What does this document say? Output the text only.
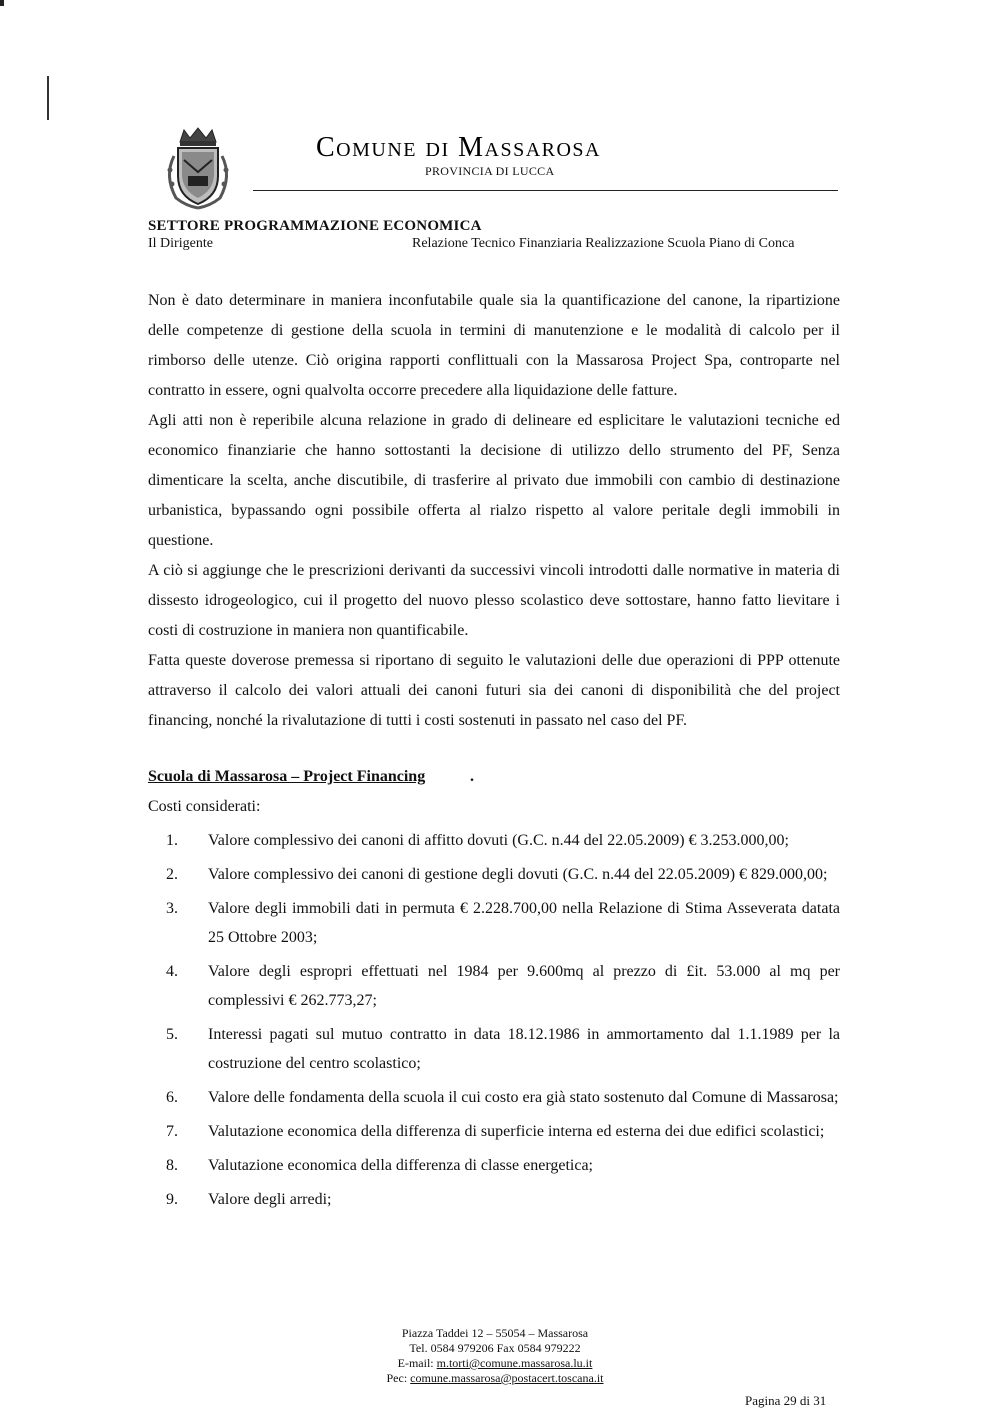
Comune di Massarosa
PROVINCIA DI LUCCA
SETTORE PROGRAMMAZIONE ECONOMICA
Il Dirigente	Relazione Tecnico Finanziaria Realizzazione Scuola Piano di Conca

Non è dato determinare in maniera inconfutabile quale sia la quantificazione del canone, la ripartizione delle competenze di gestione della scuola in termini di manutenzione e le modalità di calcolo per il rimborso delle utenze. Ciò origina rapporti conflittuali con la Massarosa Project Spa, controparte nel contratto in essere, ogni qualvolta occorre precedere alla liquidazione delle fatture.

Agli atti non è reperibile alcuna relazione in grado di delineare ed esplicitare le valutazioni tecniche ed economico finanziarie che hanno sottostanti la decisione di utilizzo dello strumento del PF, Senza dimenticare la scelta, anche discutibile, di trasferire al privato due immobili con cambio di destinazione urbanistica, bypassando ogni possibile offerta al rialzo rispetto al valore peritale degli immobili in questione.

A ciò si aggiunge che le prescrizioni derivanti da successivi vincoli introdotti dalle normative in materia di dissesto idrogeologico, cui il progetto del nuovo plesso scolastico deve sottostare, hanno fatto lievitare i costi di costruzione in maniera non quantificabile.

Fatta queste doverose premessa si riportano di seguito le valutazioni delle due operazioni di PPP ottenute attraverso il calcolo dei valori attuali dei canoni futuri sia dei canoni di disponibilità che del project financing, nonché la rivalutazione di tutti i costi sostenuti in passato nel caso del PF.

Scuola di Massarosa – Project Financing	.
Costi considerati:
1.	Valore complessivo dei canoni di affitto dovuti (G.C. n.44 del 22.05.2009) € 3.253.000,00;
2.	Valore complessivo dei canoni di gestione degli dovuti (G.C. n.44 del 22.05.2009) € 829.000,00;
3.	Valore degli immobili dati in permuta € 2.228.700,00 nella Relazione di Stima Asseverata datata 25 Ottobre 2003;
4.	Valore degli espropri effettuati nel 1984 per 9.600mq al prezzo di £it. 53.000 al mq per complessivi € 262.773,27;
5.	Interessi pagati sul mutuo contratto in data 18.12.1986 in ammortamento dal 1.1.1989 per la costruzione del centro scolastico;
6.	Valore delle fondamenta della scuola il cui costo era già stato sostenuto dal Comune di Massarosa;
7.	Valutazione economica della differenza di superficie interna ed esterna dei due edifici scolastici;
8.	Valutazione economica della differenza di classe energetica;
9.	Valore degli arredi;
Piazza Taddei 12 – 55054 – Massarosa
Tel. 0584 979206 Fax 0584 979222
E-mail: m.torti@comune.massarosa.lu.it
Pec: comune.massarosa@postacert.toscana.it
Pagina 29 di 31
